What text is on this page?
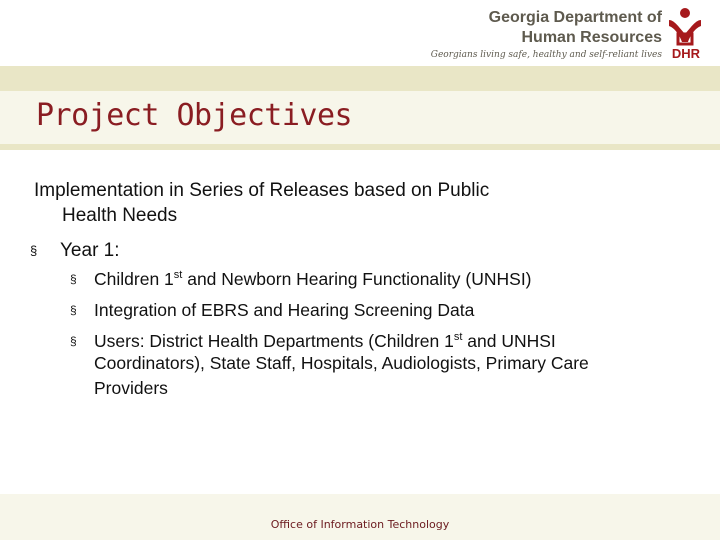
Georgia Department of
Human Resources
Georgians living safe, healthy and self-reliant lives DHR
Project Objectives
Implementation in Series of Releases based on Public
Health Needs
§ Year 1:
§ Children 1st and Newborn Hearing Functionality (UNHSI)
§ Integration of EBRS and Hearing Screening Data
§ Users: District Health Departments (Children 1st and UNHSI
Coordinators), State Staff, Hospitals, Audiologists, Primary Care
Providers
Office of Information Technology
